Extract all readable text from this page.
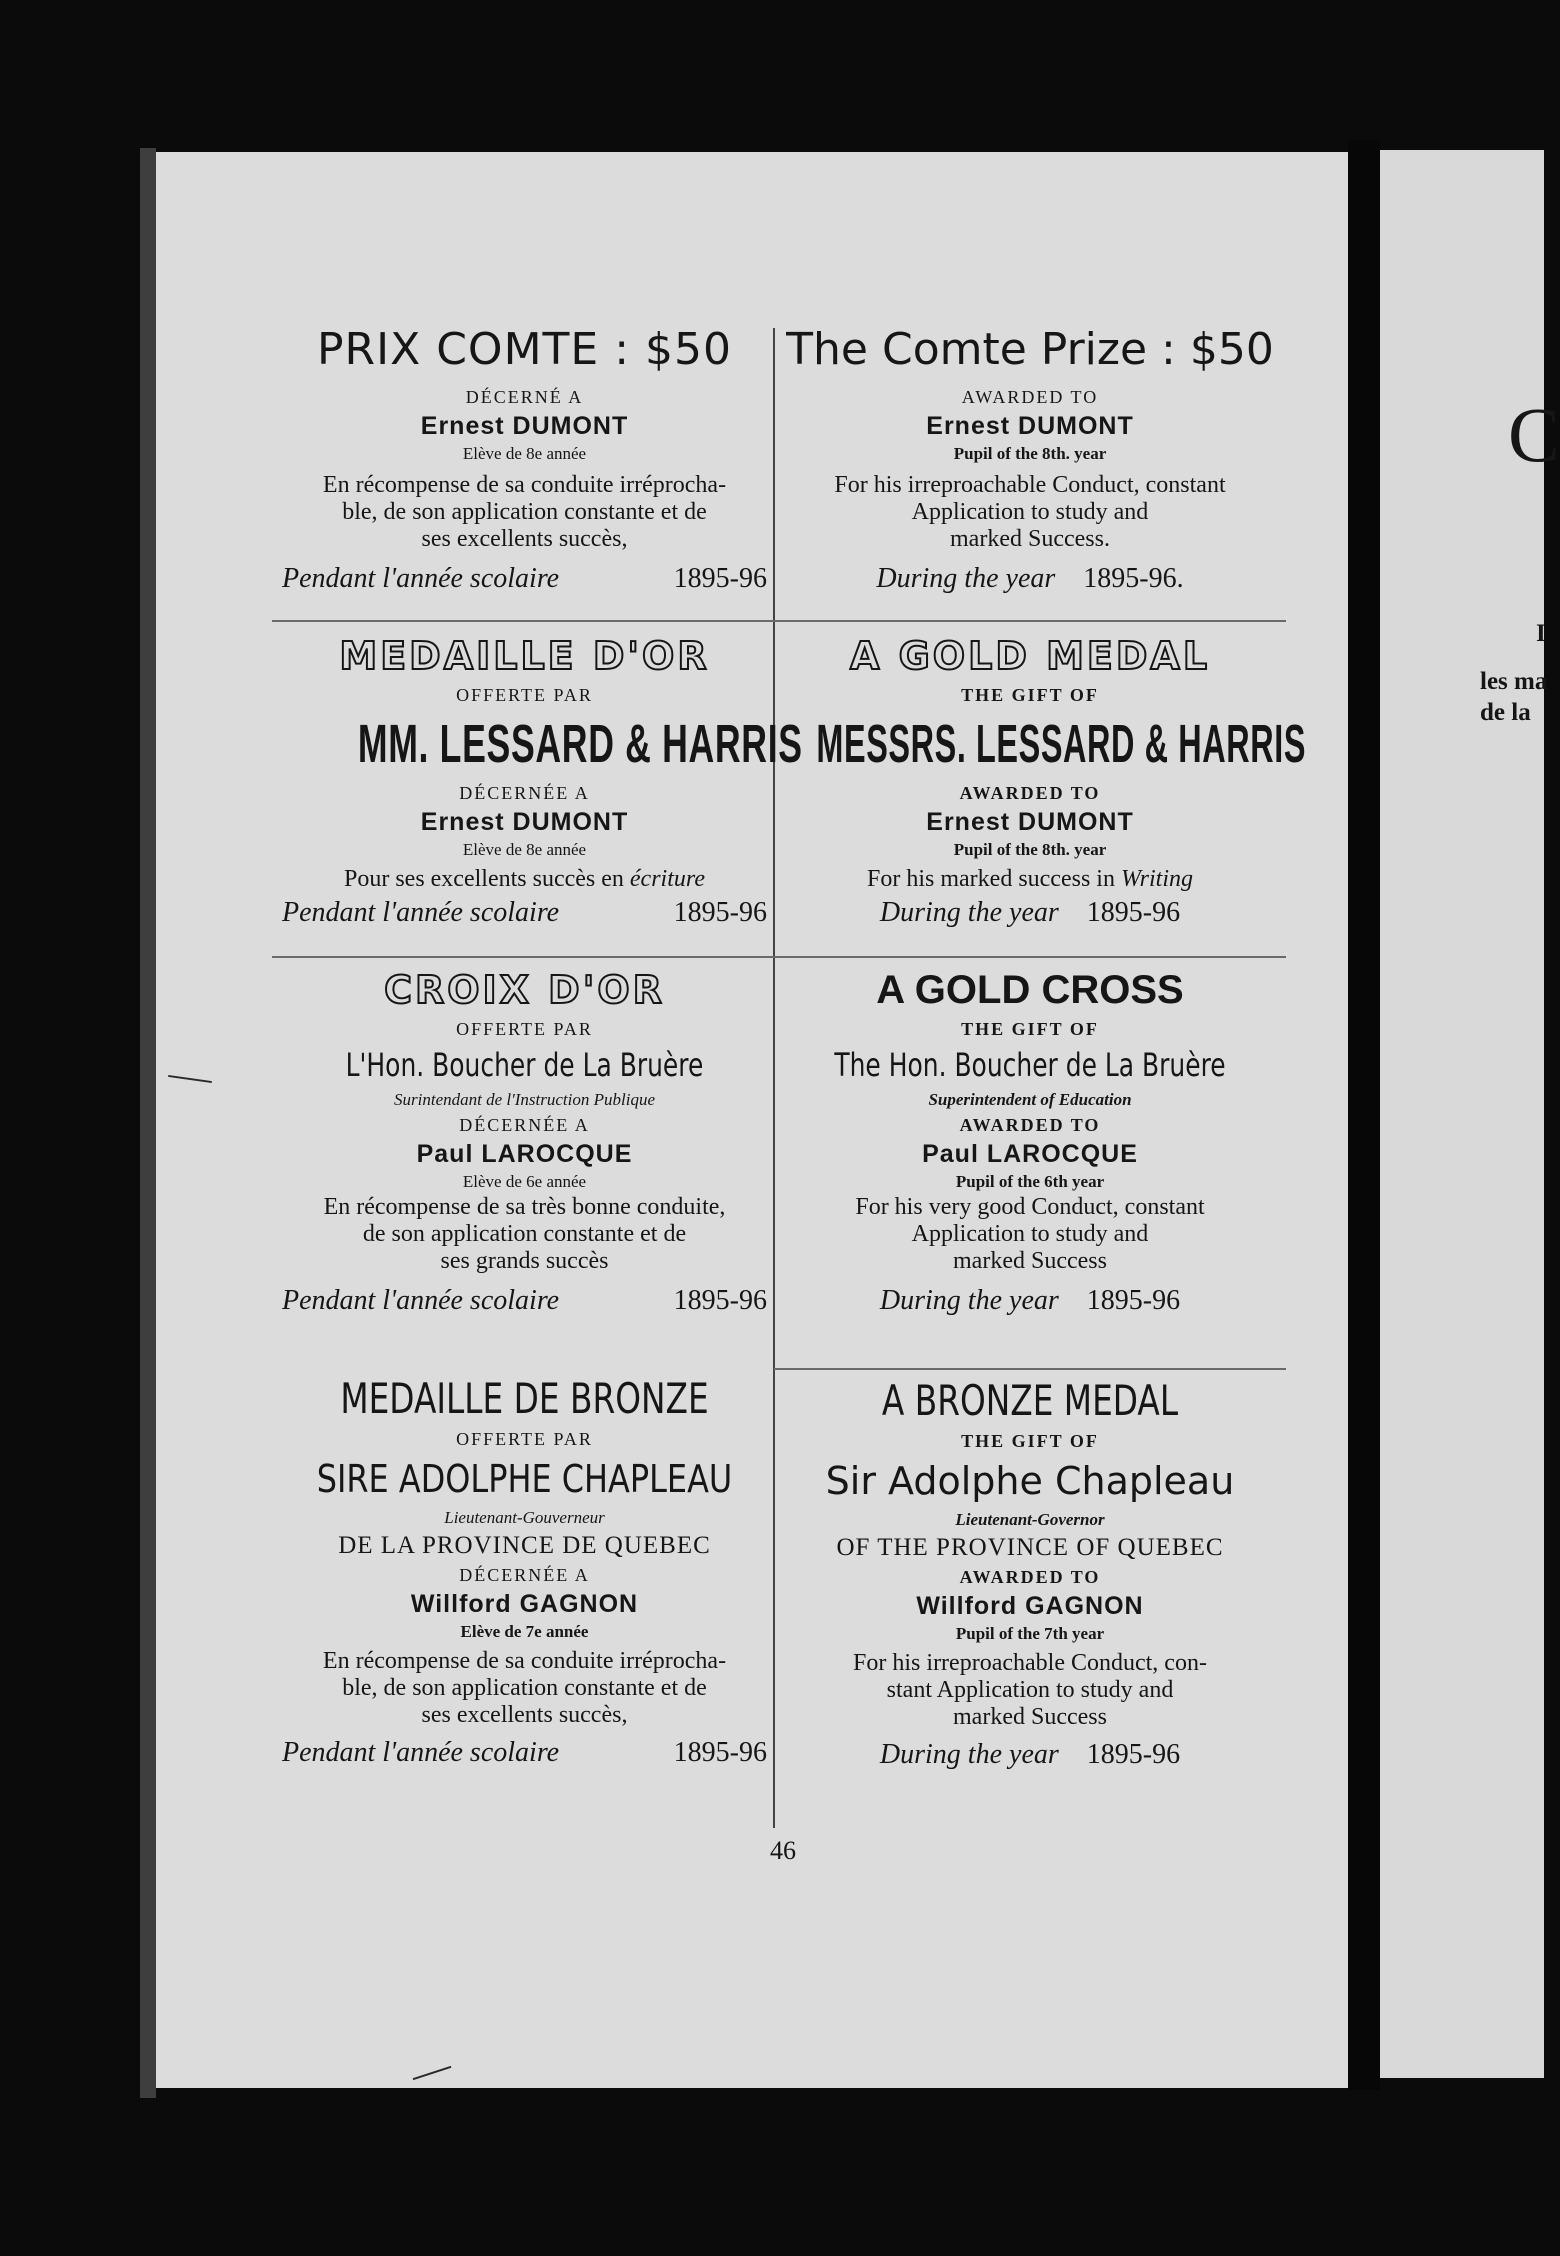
C
I
les ma
de la
PRIX COMTE : $50
DÉCERNÉ A
Ernest DUMONT
Elève de 8e année
En récompense de sa conduite irréprocha-
ble, de son application constante et de
ses excellents succès,
Pendant l'année scolaire	1895-96
MEDAILLE D'OR
OFFERTE PAR
MM. LESSARD & HARRIS
DÉCERNÉE A
Ernest DUMONT
Elève de 8e année
Pour ses excellents succès en écriture
Pendant l'année scolaire	1895-96
CROIX D'OR
OFFERTE PAR
L'Hon. Boucher de La Bruère
Surintendant de l'Instruction Publique
DÉCERNÉE A
Paul LAROCQUE
Elève de 6e année
En récompense de sa très bonne conduite,
de son application constante et de
ses grands succès
Pendant l'année scolaire	1895-96
MEDAILLE DE BRONZE
OFFERTE PAR
SIRE ADOLPHE CHAPLEAU
Lieutenant-Gouverneur
DE LA PROVINCE DE QUEBEC
DÉCERNÉE A
Willford GAGNON
Elève de 7e année
En récompense de sa conduite irréprocha-
ble, de son application constante et de
ses excellents succès,
Pendant l'année scolaire	1895-96
The Comte Prize : $50
AWARDED TO
Ernest DUMONT
Pupil of the 8th. year
For his irreproachable Conduct, constant
Application to study and
marked Success.
During the year 1895-96.
A GOLD MEDAL
THE GIFT OF
MESSRS. LESSARD & HARRIS
AWARDED TO
Ernest DUMONT
Pupil of the 8th. year
For his marked success in Writing
During the year 1895-96
A GOLD CROSS
THE GIFT OF
The Hon. Boucher de La Bruère
Superintendent of Education
AWARDED TO
Paul LAROCQUE
Pupil of the 6th year
For his very good Conduct, constant
Application to study and
marked Success
During the year 1895-96
A BRONZE MEDAL
THE GIFT OF
Sir Adolphe Chapleau
Lieutenant-Governor
OF THE PROVINCE OF QUEBEC
AWARDED TO
Willford GAGNON
Pupil of the 7th year
For his irreproachable Conduct, con-
stant Application to study and
marked Success
During the year 1895-96
46
